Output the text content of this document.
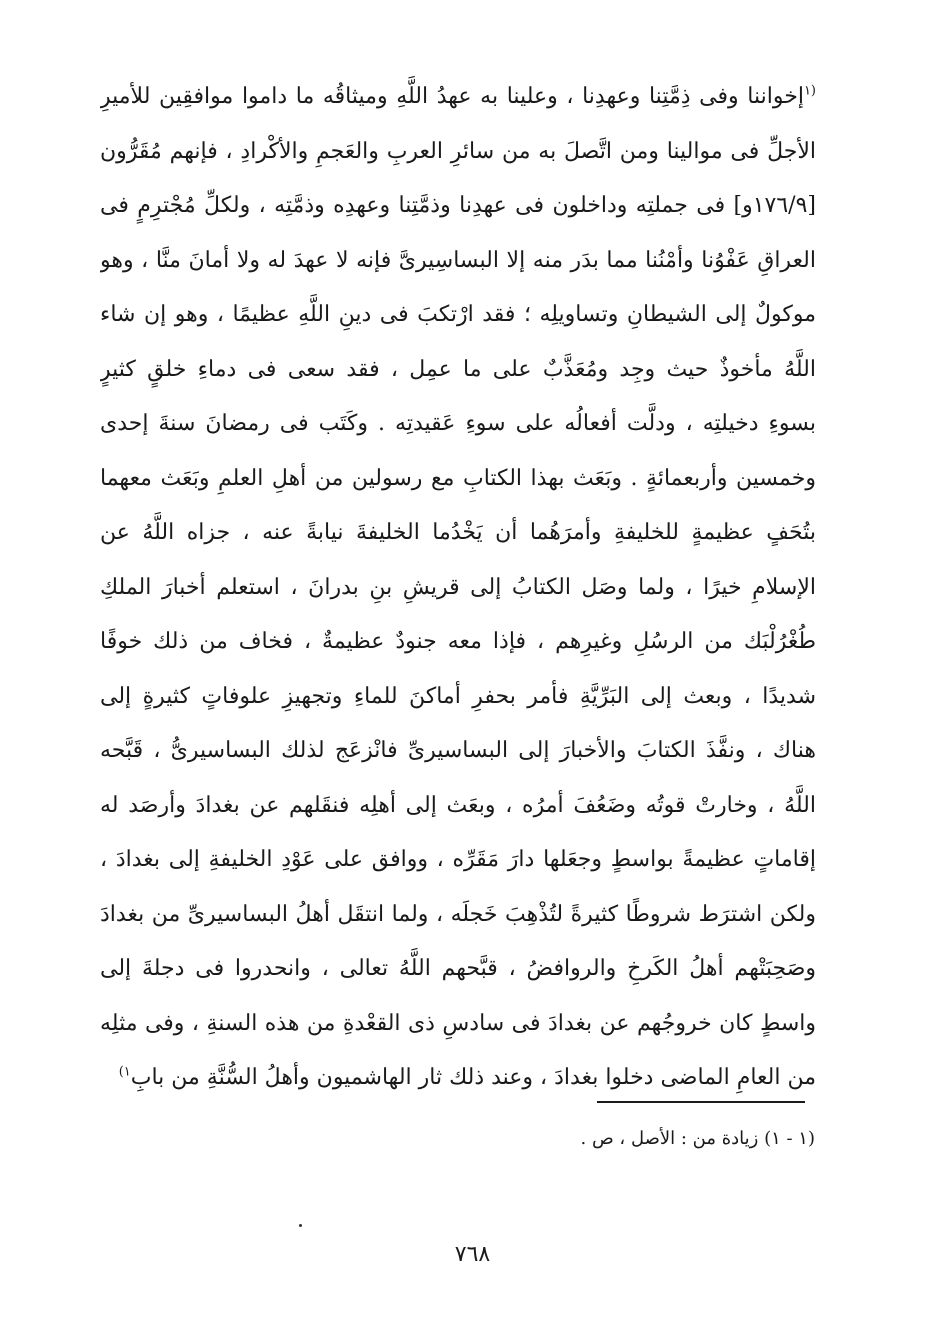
$^{(١}$إخواننا وفى ذِمَّتِنا وعهدِنا ، وعلينا به عهدُ اللَّهِ وميثاقُه ما داموا موافقِين للأميرِ
الأجلِّ فى موالينا ومن اتَّصلَ به من سائرِ العربِ والعَجمِ والأكْرادِ ، فإنهم مُقَرُّون
[١٧٦/٩و] فى جملتِه وداخلون فى عهدِنا وذمَّتِنا وعهدِه وذمَّتِه ، ولكلِّ مُجْترِمٍ فى
العراقِ عَفْوُنا وأمْنُنا مما بدَر منه إلا البساسِيرىَّ فإنه لا عهدَ له ولا أمانَ منَّا ، وهو
موكولٌ إلى الشيطانِ وتساويلِه ؛ فقد ارْتكبَ فى دينِ اللَّهِ عظيمًا ، وهو إن شاء
اللَّهُ مأخوذٌ حيث وجِد ومُعَذَّبٌ على ما عمِل ، فقد سعى فى دماءِ خلقٍ كثيرٍ
بسوءِ دخيلتِه ، ودلَّت أفعالُه على سوءِ عَقيدتِه . وكَتَب فى رمضانَ سنةَ إحدى
وخمسين وأربعمائةٍ . وبَعَث بهذا الكتابِ مع رسولين من أهلِ العلمِ وبَعَث معهما
بتُحَفٍ عظيمةٍ للخليفةِ وأمرَهُما أن يَخْدُما الخليفةَ نيابةً عنه ، جزاه اللَّهُ عن
الإسلامِ خيرًا ، ولما وصَل الكتابُ إلى قريشِ بنِ بدرانَ ، استعلم أخبارَ الملكِ
طُغْرُلْبَك من الرسُلِ وغيرِهم ، فإذا معه جنودٌ عظيمةٌ ، فخاف من ذلك خوفًا
شديدًا ، وبعث إلى البَرِّيَّةِ فأمر بحفرِ أماكنَ للماءِ وتجهيزِ علوفاتٍ كثيرةٍ إلى
هناك ، ونفَّذَ الكتابَ والأخبارَ إلى البساسيرىِّ فانْزعَج لذلك البساسيرىُّ ، قَبَّحه
اللَّهُ ، وخارتْ قوتُه وضَعُفَ أمرُه ، وبعَث إلى أهلِه فنقَلهم عن بغدادَ وأرصَد له
إقاماتٍ عظيمةً بواسطٍ وجعَلها دارَ مَقَرِّه ، ووافق على عَوْدِ الخليفةِ إلى بغدادَ ،
ولكن اشترَط شروطًا كثيرةً لتُذْهِبَ خَجلَه ، ولما انتقَل أهلُ البساسيرىِّ من بغدادَ
وصَحِبَتْهم أهلُ الكَرخِ والروافضُ ، قبَّحهم اللَّهُ تعالى ، وانحدروا فى دجلةَ إلى
واسطٍ كان خروجُهم عن بغدادَ فى سادسِ ذى القعْدةِ من هذه السنةِ ، وفى مثلِه
من العامِ الماضى دخلوا بغدادَ ، وعند ذلك ثار الهاشميون وأهلُ السُّنَّةِ من بابِ$^{١)}$
(١ - ١) زيادة من : الأصل ، ص .
٧٦٨
